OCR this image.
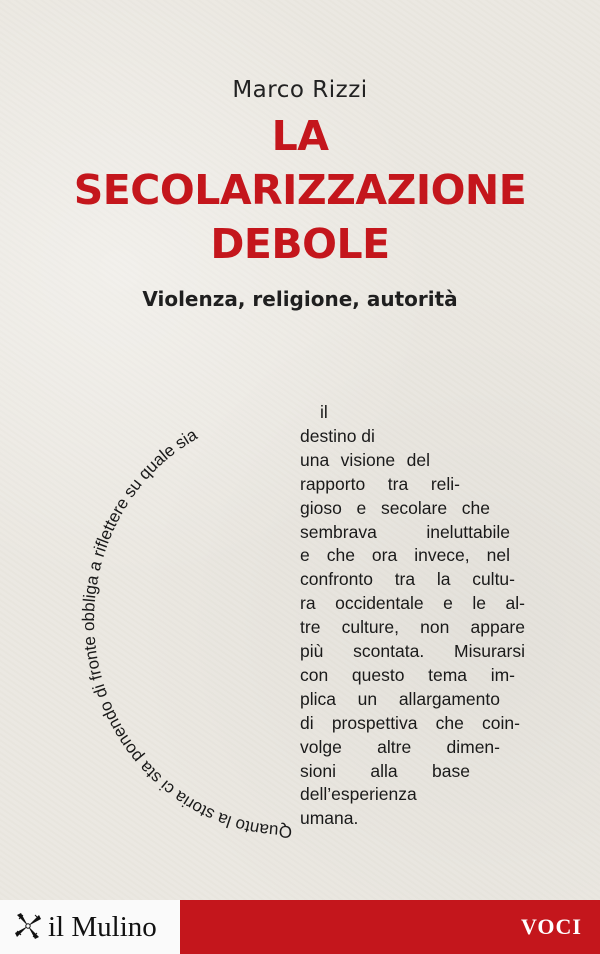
Marco Rizzi
LA
SECOLARIZZAZIONE
DEBOLE
Violenza, religione, autorità
Quanto la storia ci sta ponendo di fronte obbliga a riflettere su quale sia
il
destino di
una visione del
rapporto tra reli-
gioso e secolare che
sembrava ineluttabile
e che ora invece, nel
confronto tra la cultu-
ra occidentale e le al-
tre culture, non appare
più scontata. Misurarsi
con questo tema im-
plica un allargamento
di prospettiva che coin-
volge altre dimen-
sioni alla base
dell’esperienza
umana.
il Mulino	VOCI
